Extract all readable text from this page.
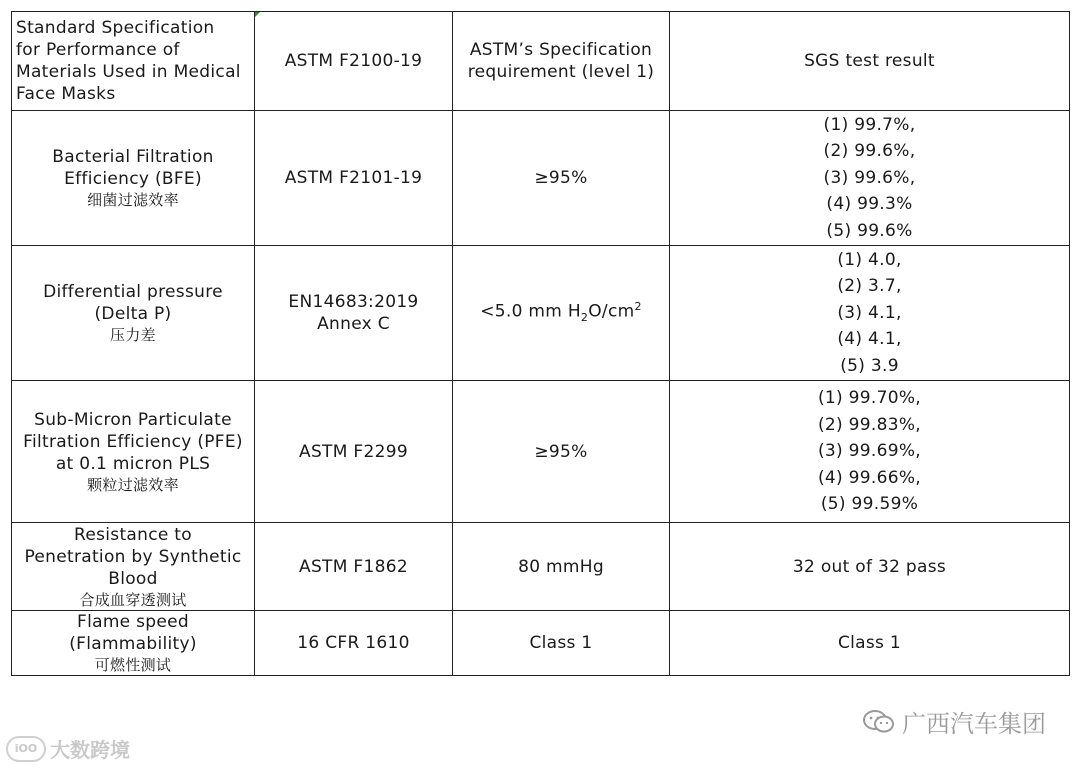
Standard Specification
for Performance of
Materials Used in Medical
Face Masks	ASTM F2100-19	ASTM’s Specification
requirement (level 1)	SGS test result

Bacterial Filtration
Efficiency (BFE)
细菌过滤效率	ASTM F2101-19	≥95%	(1) 99.7%,
(2) 99.6%,
(3) 99.6%,
(4) 99.3%
(5) 99.6%

Differential pressure
(Delta P)
压力差	EN14683:2019
Annex C	<5.0 mm $H_2O/cm^2$	(1) 4.0,
(2) 3.7,
(3) 4.1,
(4) 4.1,
(5) 3.9

Sub-Micron Particulate
Filtration Efficiency (PFE)
at 0.1 micron PLS
颗粒过滤效率	ASTM F2299	≥95%	(1) 99.70%,
(2) 99.83%,
(3) 99.69%,
(4) 99.66%,
(5) 99.59%

Resistance to
Penetration by Synthetic
Blood
合成血穿透测试	ASTM F1862	80 mmHg	32 out of 32 pass

Flame speed
(Flammability)
可燃性测试	16 CFR 1610	Class 1	Class 1
iOO 大数跨境
广西汽车集团
